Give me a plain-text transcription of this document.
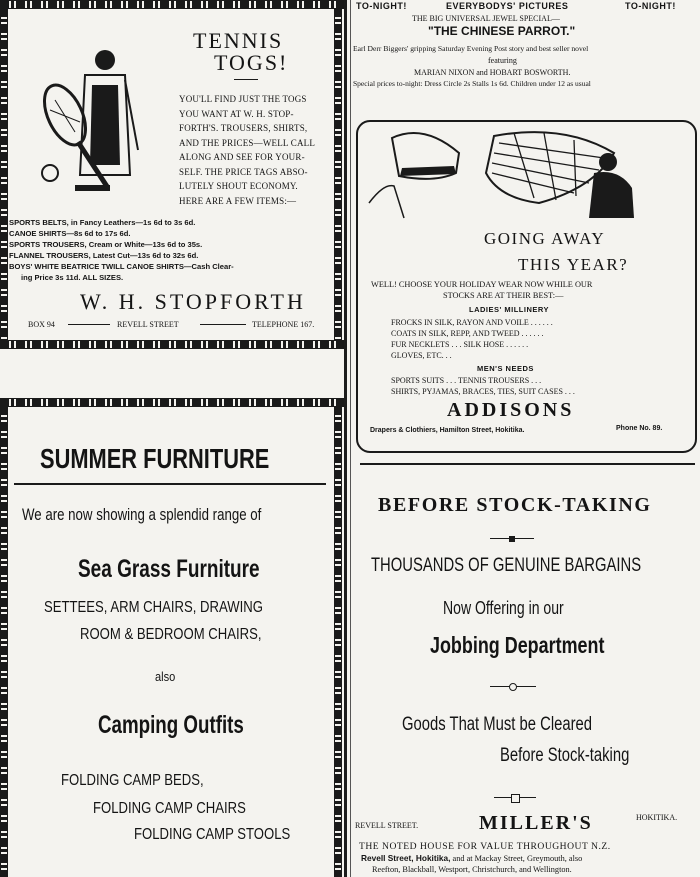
TENNIS
TOGS!
YOU'LL FIND JUST THE TOGS
YOU WANT AT W. H. STOP-
FORTH'S. TROUSERS, SHIRTS,
AND THE PRICES—WELL CALL
ALONG AND SEE FOR YOUR-
SELF. THE PRICE TAGS ABSO-
LUTELY SHOUT ECONOMY.
HERE ARE A FEW ITEMS:—
SPORTS BELTS, in Fancy Leathers—1s 6d to 3s 6d.
CANOE SHIRTS—8s 6d to 17s 6d.
SPORTS TROUSERS, Cream or White—13s 6d to 35s.
FLANNEL TROUSERS, Latest Cut—13s 6d to 32s 6d.
BOYS' WHITE BEATRICE TWILL CANOE SHIRTS—Cash Clear-
ing Price 3s 11d. ALL SIZES.
W. H. STOPFORTH
BOX 94	REVELL STREET	TELEPHONE 167.
TO-NIGHT!	EVERYBODYS' PICTURES	TO-NIGHT!
THE BIG UNIVERSAL JEWEL SPECIAL—
"THE CHINESE PARROT."
Earl Derr Biggers' gripping Saturday Evening Post story and best seller novel
featuring
MARIAN NIXON and HOBART BOSWORTH.
Special prices to-night: Dress Circle 2s Stalls 1s 6d. Children under 12 as usual
GOING AWAY
THIS YEAR?
WELL! CHOOSE YOUR HOLIDAY WEAR NOW WHILE OUR
STOCKS ARE AT THEIR BEST:—
LADIES' MILLINERY
FROCKS IN SILK, RAYON AND VOILE . . . . . .
COATS IN SILK, REPP, AND TWEED . . . . . .
FUR NECKLETS . . . SILK HOSE . . . . . .
GLOVES, ETC. . .
MEN'S NEEDS
SPORTS SUITS . . . TENNIS TROUSERS . . .
SHIRTS, PYJAMAS, BRACES, TIES, SUIT CASES . . .
ADDISONS
Drapers & Clothiers, Hamilton Street, Hokitika.	Phone No. 89.
SUMMER FURNITURE
We are now showing a splendid range of
Sea Grass Furniture
SETTEES, ARM CHAIRS, DRAWING
ROOM & BEDROOM CHAIRS,
also
Camping Outfits
FOLDING CAMP BEDS,
FOLDING CAMP CHAIRS
FOLDING CAMP STOOLS
BEFORE STOCK-TAKING
THOUSANDS OF GENUINE BARGAINS
Now Offering in our
Jobbing Department
Goods That Must be Cleared
Before Stock-taking
REVELL STREET.	MILLER'S	HOKITIKA.
THE NOTED HOUSE FOR VALUE THROUGHOUT N.Z.
Revell Street, Hokitika, and at Mackay Street, Greymouth, also
Reefton, Blackball, Westport, Christchurch, and Wellington.
